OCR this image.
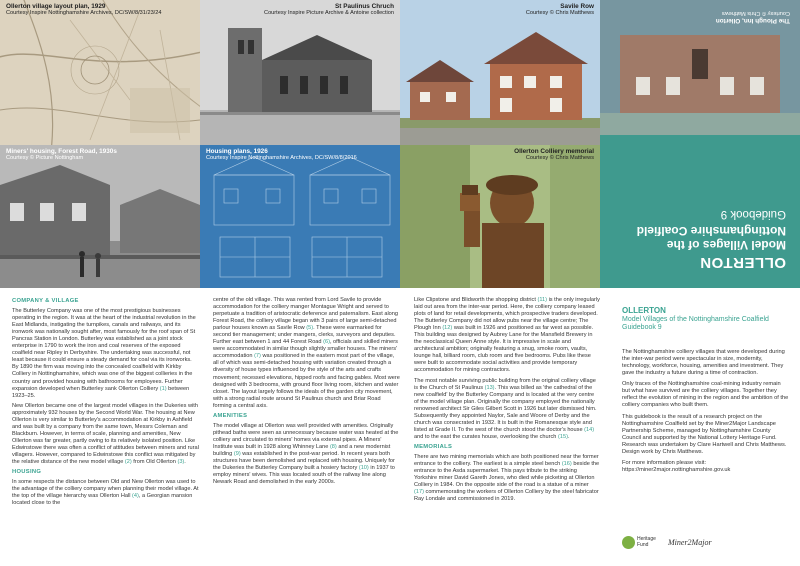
Ollerton village layout plan, 1929
Courtesy Inspire Nottinghamshire Archives, DC/SW/8/31/23/24
St Paulinus Chruch
Courtesy Inspire Picture Archive & Antoine collection
Savile Row
Courtesy © Chris Matthews
Miners' housing, Forest Road, 1930s
Courtesy © Picture Nottingham
Housing plans, 1926
Courtesy Inspire Nottinghamshire Archives, DC/SW/8/8/2016
Ollerton Colliery memorial
Courtesy © Chris Matthews
OLLERTON
Model Villages of the Nottinghamshire Coalfield
Guidebook 9
The Plough Inn, Ollerton
Courtesy © Chris Matthews
COMPANY & VILLAGE

The Butterley Company was one of the most prestigious businesses operating in the region. It was at the heart of the industrial revolution in the East Midlands, instigating the turnpikes, canals and railways, and its ironwork was nationally sought after, most famously for the roof span of St Pancras Station in London. Butterley was established as a joint stock enterprise in 1790 to work the iron and coal reserves of the exposed coalfield near Ripley in Derbyshire. The undertaking was successful, not least because it could ensure a steady demand for coal via its ironworks. By 1890 the firm was moving into the concealed coalfield with Kirkby Colliery in Nottinghamshire, which was one of the biggest collieries in the country and provided housing with bathrooms for employees. Further expansion developed when Butterley sank Ollerton Colliery (1) between 1923–25.

New Ollerton became one of the largest model villages in the Dukeries with approximately 932 houses by the Second World War. The housing at New Ollerton is very similar to Butterley's accommodation at Kirkby in Ashfield and was built by a company from the same town, Messrs Coleman and Blackburn. However, in terms of scale, planning and amenities, New Ollerton was far greater, partly owing to its relatively isolated position. Like Edwinstowe there was often a conflict of attitudes between miners and rural villagers. However, compared to Edwinstowe this conflict was mitigated by the relative distance of the new model village (2) from Old Ollerton (3).

HOUSING

In some respects the distance between Old and New Ollerton was used to the advantage of the colliery company when planning their model village. At the top of the village hierarchy was Ollerton Hall (4), a Georgian mansion located close to the

centre of the old village. This was rented from Lord Savile to provide accommodation for the colliery manger Montague Wright and served to perpetuate a tradition of aristocratic deference and paternalism. East along Forest Road, the colliery village began with 3 pairs of large semi-detached parlour houses known as Savile Row (5). These were earmarked for second tier management; under mangers, clerks, surveyors and deputies. Further east between 1 and 44 Forest Road (6), officials and skilled miners were accommodated in similar though slightly smaller houses. The miners' accommodation (7) was positioned in the eastern most part of the village, all of which was semi-detached housing with variation created through a diversity of house types influenced by the style of the arts and crafts movement; recessed elevations, hipped roofs and facing gables. Most were designed with 3 bedrooms, with ground floor living room, kitchen and water closet. The layout largely follows the ideals of the garden city movement, with a strong radial route around St Paulinus church and Briar Road forming a central axis.

AMENITIES

The model village at Ollerton was well provided with amenities. Originally pithead baths were seen as unnecessary because water was heated at the colliery and circulated to miners' homes via external pipes. A Miners' Institute was built in 1928 along Whinney Lane (8) and a new modernist building (9) was established in the post-war period. In recent years both structures have been demolished and replaced with housing. Uniquely for the Dukeries the Butterley Company built a hosiery factory (10) in 1937 to employ miners' wives. This was located south of the railway line along Newark Road and demolished in the early 2000s.

Like Clipstone and Blidworth the shopping district (11) is the only irregularly laid out area from the inter-war period. Here, the colliery company leased plots of land for retail developments, which prospective traders developed. The Butterley Company did not allow pubs near the village centre; The Plough Inn (12) was built in 1926 and positioned as far west as possible. This building was designed by Aubrey Lane for the Mansfield Brewery in the neoclassical Queen Anne style. It is impressive in scale and architectural ambition; originally featuring a snug, smoke room, vaults, lounge hall, billiard room, club room and five bedrooms. Pubs like these were built to accommodate social activities and provide temporary accommodation for mining contractors.

The most notable surviving public building from the original colliery village is the Church of St Paulinus (13). This was billed as 'the cathedral of the new coalfield' by the Butterley Company and is located at the very centre of the model village plan. Originally the company employed the nationally renowned architect Sir Giles Gilbert Scott in 1926 but later dismissed him. Subsequently they appointed Naylor, Sale and Woore of Derby and the church was consecrated in 1932. It is built in the Romanesque style and listed at Grade II. To the west of the church stood the doctor's house (14) and to the east the curates house, overlooking the church (15).

MEMORIALS

There are two mining memorials which are both positioned near the former entrance to the colliery. The earliest is a simple steel bench (16) beside the entrance to the Asda supermarket. This pays tribute to the striking Yorkshire miner David Gareth Jones, who died while picketing at Ollerton Colliery in 1984. On the opposite side of the road is a statue of a miner (17) commemorating the workers of Ollerton Colliery by the steel fabricator Ray Londale and commissioned in 2019.

OLLERTON
Model Villages of the Nottinghamshire Coalfield
Guidebook 9

The Nottinghamshire colliery villages that were developed during the inter-war period were spectacular in size, modernity, technology, workforce, housing, amenities and investment. They gave the industry a future during a time of contraction.

Only traces of the Nottinghamshire coal-mining industry remain but what have survived are the colliery villages. Together they reflect the evolution of mining in the region and the ambition of the colliery companies who built them.

This guidebook is the result of a research project on the Nottinghamshire Coalfield set by the Miner2Major Landscape Partnership Scheme, managed by Nottinghamshire County Council and supported by the National Lottery Heritage Fund. Research was undertaken by Clare Hartwell and Chris Matthews. Design work by Chris Matthews.

For more information please visit:
https://miner2major.nottinghamshire.gov.uk

Heritage Fund	Miner2Major
